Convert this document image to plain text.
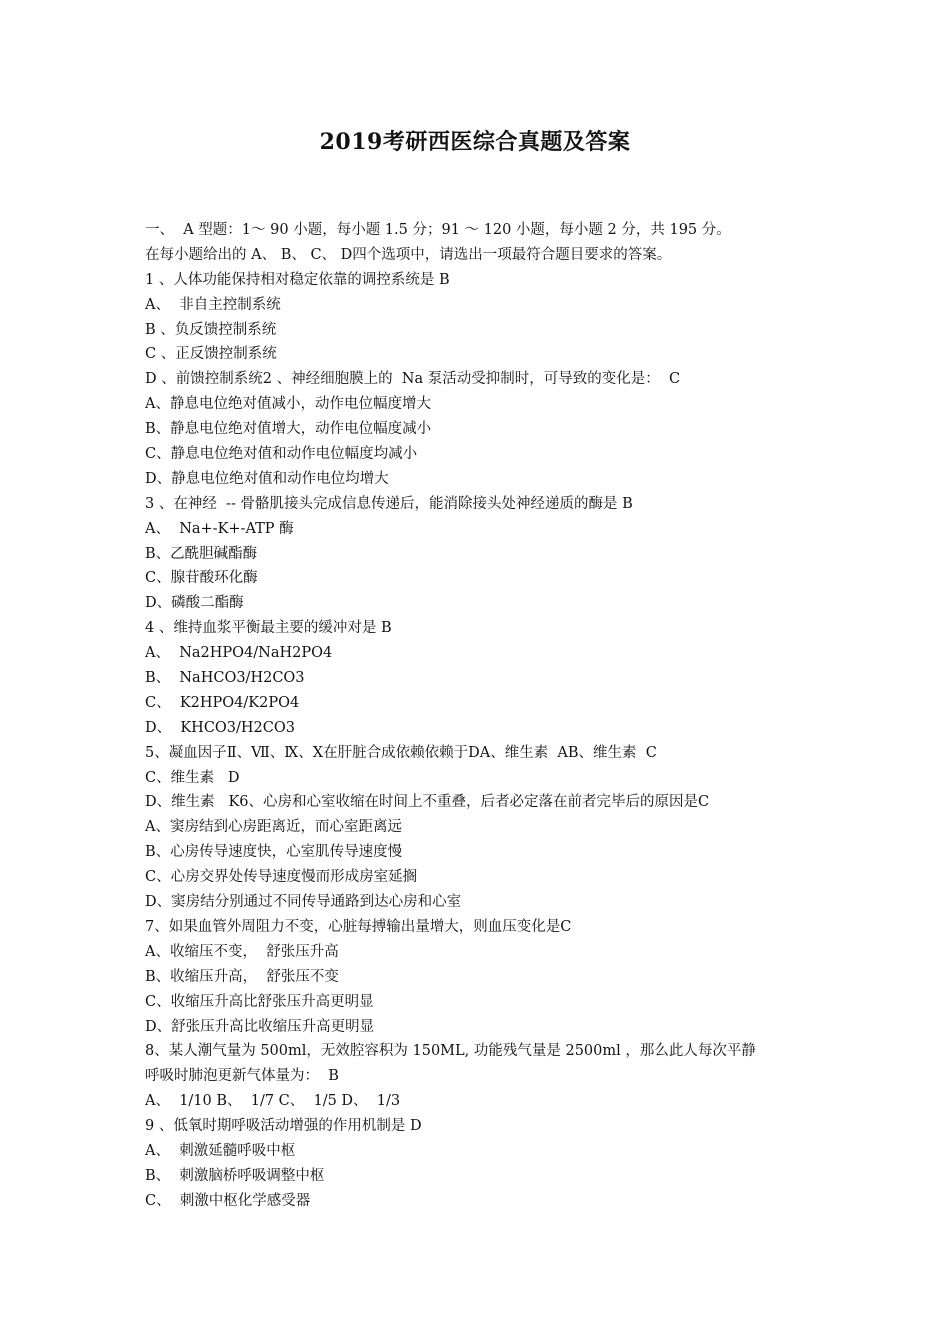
2019考研西医综合真题及答案
一、  A 型题：1～ 90 小题，每小题 1.5 分；91 ～ 120 小题，每小题 2 分，共 195 分。
在每小题给出的 A、 B、 C、 D四个选项中，请选出一项最符合题目要求的答案。
1 、人体功能保持相对稳定依靠的调控系统是 B
A、  非自主控制系统
B 、负反馈控制系统
C 、正反馈控制系统
D 、前馈控制系统2 、神经细胞膜上的  Na 泵活动受抑制时，可导致的变化是：  C
A、静息电位绝对值减小，动作电位幅度增大
B、静息电位绝对值增大，动作电位幅度减小
C、静息电位绝对值和动作电位幅度均减小
D、静息电位绝对值和动作电位均增大
3 、在神经  -- 骨骼肌接头完成信息传递后，能消除接头处神经递质的酶是 B
A、  Na+-K+-ATP 酶
B、乙酰胆碱酯酶
C、腺苷酸环化酶
D、磷酸二酯酶
4 、维持血浆平衡最主要的缓冲对是 B
A、  Na2HPO4/NaH2PO4
B、  NaHCO3/H2CO3
C、  K2HPO4/K2PO4
D、  KHCO3/H2CO3
5、凝血因子Ⅱ、Ⅶ、Ⅸ、Ⅹ在肝脏合成依赖依赖于DA、维生素  AB、维生素  C
C、维生素   D
D、维生素   K6、心房和心室收缩在时间上不重叠，后者必定落在前者完毕后的原因是C
A、窦房结到心房距离近，而心室距离远
B、心房传导速度快，心室肌传导速度慢
C、心房交界处传导速度慢而形成房室延搁
D、窦房结分别通过不同传导通路到达心房和心室
7、如果血管外周阻力不变，心脏每搏输出量增大，则血压变化是C
A、收缩压不变，  舒张压升高
B、收缩压升高，  舒张压不变
C、收缩压升高比舒张压升高更明显
D、舒张压升高比收缩压升高更明显
8、某人潮气量为 500ml，无效腔容积为 150ML, 功能残气量是 2500ml ，那么此人每次平静
呼吸时肺泡更新气体量为：  B
A、  1/10 B、  1/7 C、  1/5 D、  1/3
9 、低氧时期呼吸活动增强的作用机制是 D
A、  刺激延髓呼吸中枢
B、  刺激脑桥呼吸调整中枢
C、  刺激中枢化学感受器
